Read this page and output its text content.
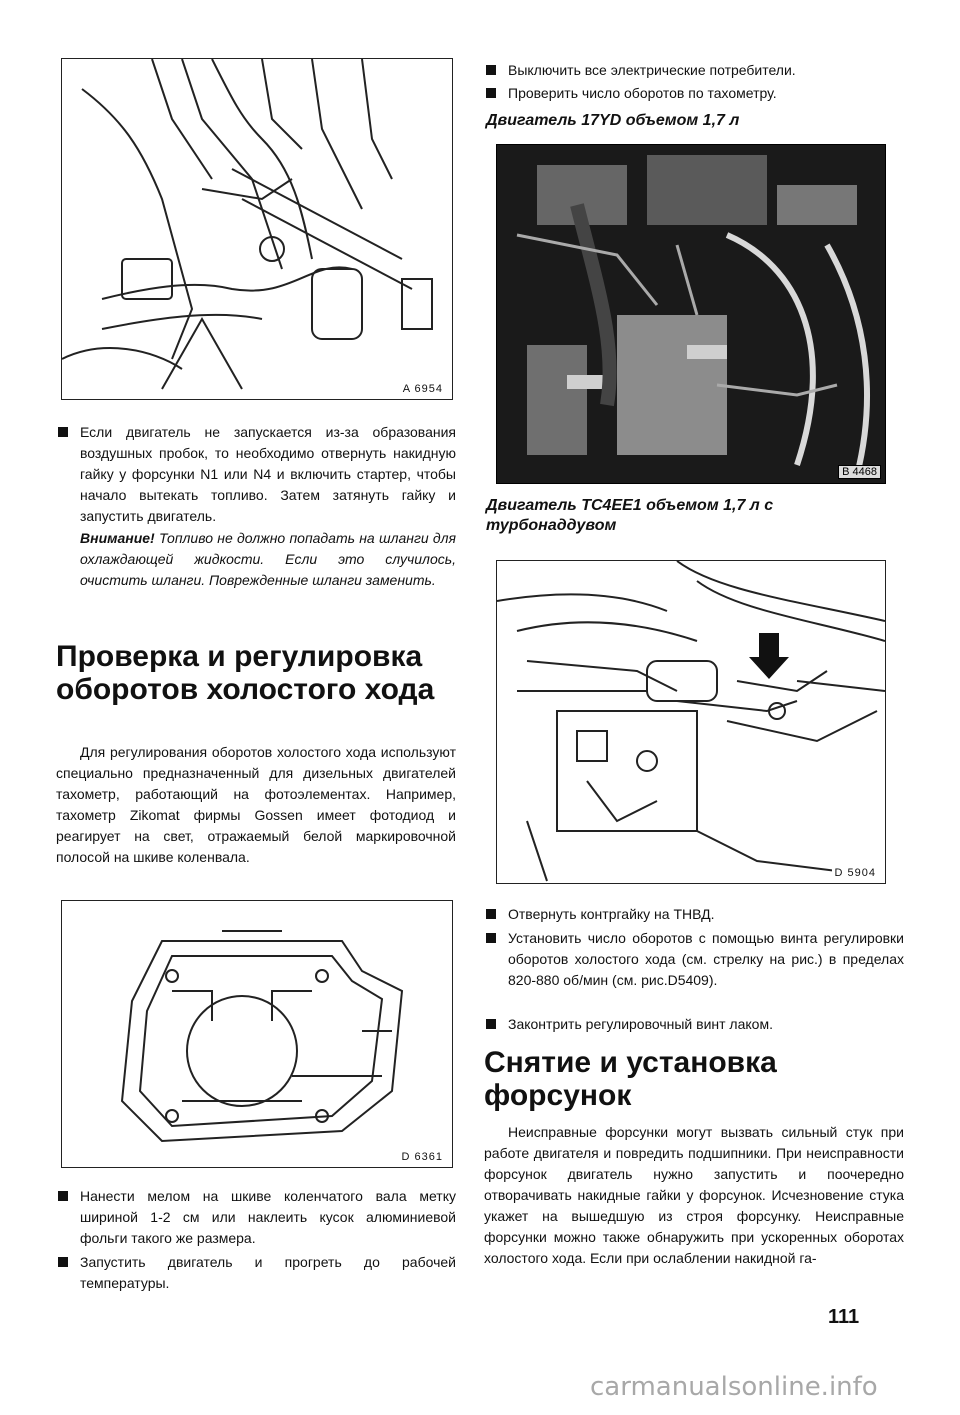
A 6954
Если двигатель не запускается из-за образования воздушных пробок, то необходимо отвернуть накидную гайку у форсунки N1 или N4 и включить стартер, чтобы начало вытекать топливо. Затем затянуть гайку и запустить двигатель.
Внимание! Топливо не должно попадать на шланги для охлаждающей жидкости. Если это случилось, очистить шланги. Поврежденные шланги заменить.
Проверка и регулировка оборотов холостого хода
Для регулирования оборотов холостого хода используют специально предназначенный для дизельных двигателей тахометр, работающий на фотоэлементах. Например, тахометр Zikomat фирмы Gossen имеет фотодиод и реагирует на свет, отражаемый белой маркировочной полосой на шкиве коленвала.
D 6361
Нанести мелом на шкиве коленчатого вала метку шириной 1-2 см или наклеить кусок алюминиевой фольги такого же размера.
Запустить двигатель и прогреть до рабочей температуры.
Выключить все электрические потребители.
Проверить число оборотов по тахометру.
Двигатель 17YD объемом 1,7 л
B 4468
Двигатель TC4EE1 объемом 1,7 л с турбонаддувом
D 5904
Отвернуть контргайку на ТНВД.
Установить число оборотов с помощью винта регулировки оборотов холостого хода (см. стрелку на рис.) в пределах 820-880 об/мин (см. рис.D5409).
Законтрить регулировочный винт лаком.
Снятие и установка форсунок
Неисправные форсунки могут вызвать сильный стук при работе двигателя и повредить подшипники. При неисправности форсунок двигатель нужно запустить и поочередно отворачивать накидные гайки у форсунок. Исчезновение стука укажет на вышедшую из строя форсунку. Неисправные форсунки можно также обнаружить при ускоренных оборотах холостого хода. Если при ослаблении накидной га-
111
carmanualsonline.info
